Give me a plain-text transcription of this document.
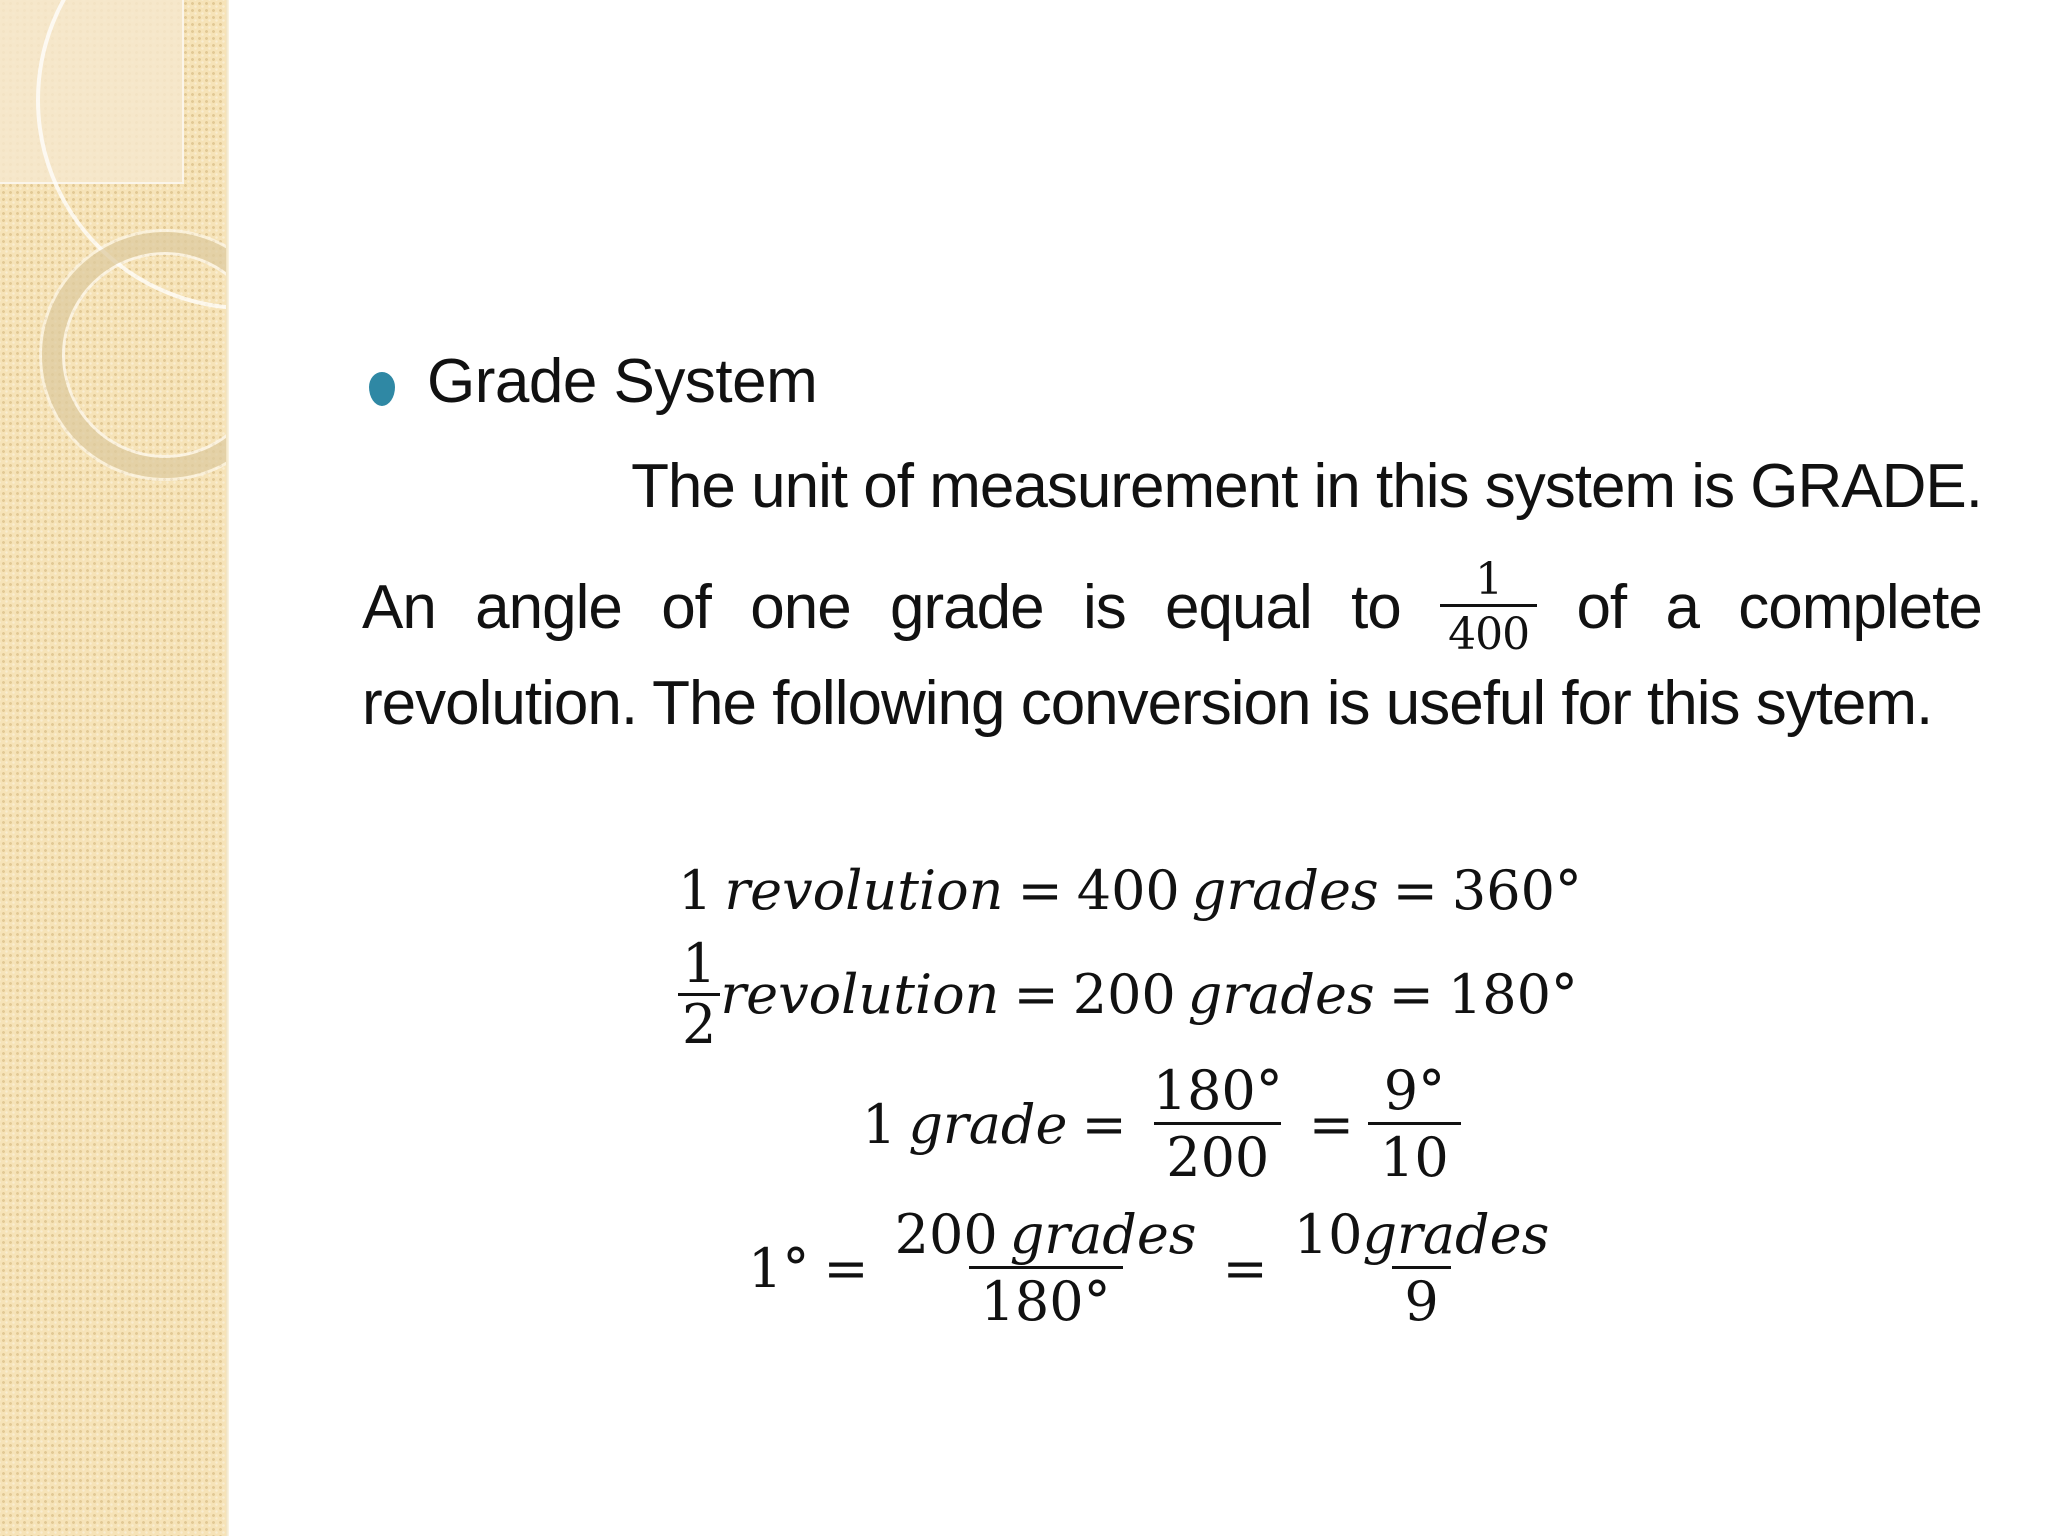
Grade System
The unit of measurement in this system is GRADE.
An angle of one grade is equal to $\frac{1}{400}$ of a complete
revolution. The following conversion is useful for this sytem.
1 revolution = 400 grades = 360°
$\frac{1}{2}$ revolution = 200 grades = 180°
1 grade = $\frac{180^\circ}{200} = \frac{9^\circ}{10}$
$1^\circ = \frac{\text{200 grades}}{180^\circ} = \frac{\text{10grades}}{9}$
